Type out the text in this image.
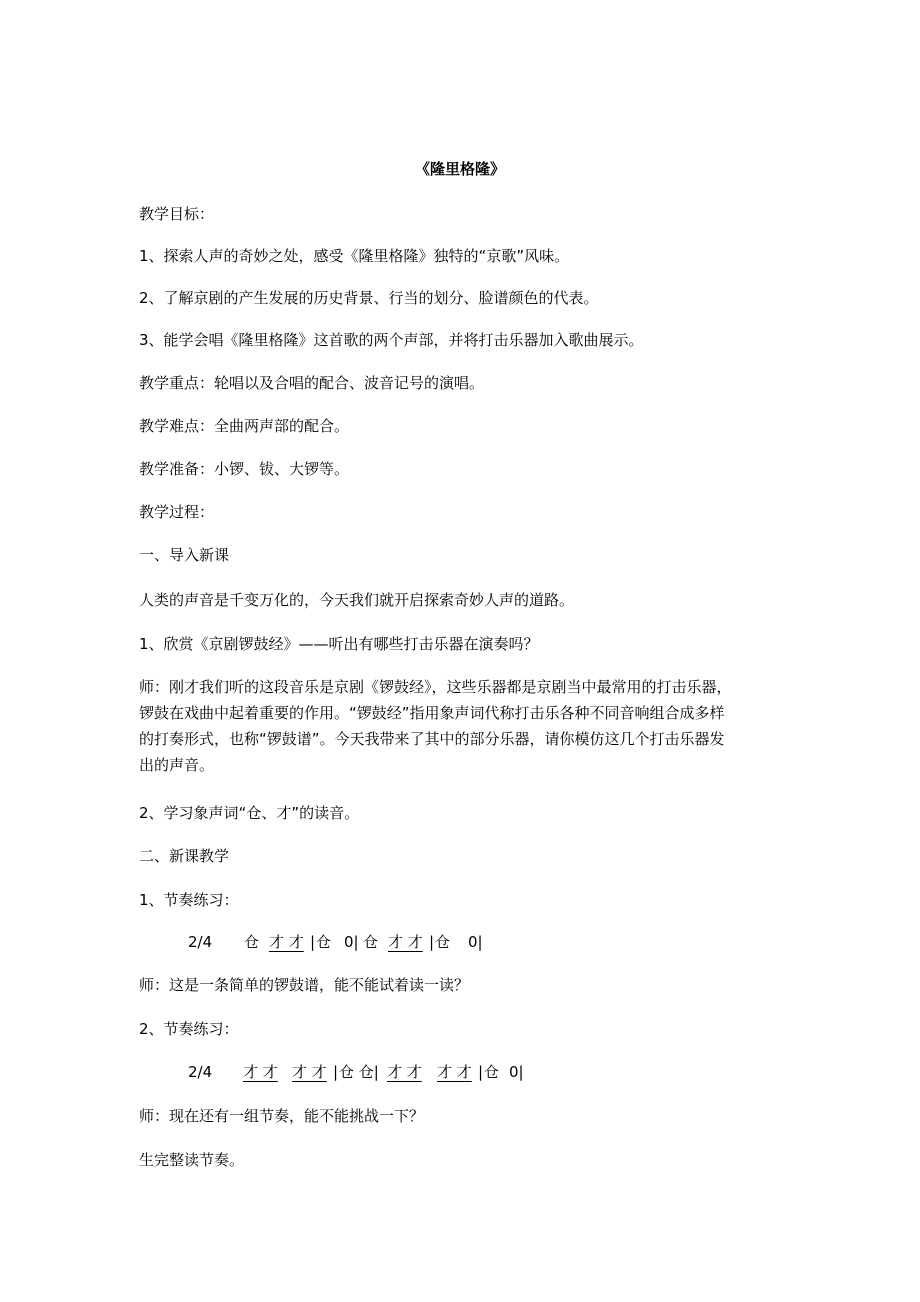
《隆里格隆》
教学目标：
1、探索人声的奇妙之处，感受《隆里格隆》独特的“京歌”风味。
2、了解京剧的产生发展的历史背景、行当的划分、脸谱颜色的代表。
3、能学会唱《隆里格隆》这首歌的两个声部，并将打击乐器加入歌曲展示。
教学重点：轮唱以及合唱的配合、波音记号的演唱。
教学难点：全曲两声部的配合。
教学准备：小锣、钹、大锣等。
教学过程：
一、导入新课
人类的声音是千变万化的，今天我们就开启探索奇妙人声的道路。
1、欣赏《京剧锣鼓经》——听出有哪些打击乐器在演奏吗？
师：刚才我们听的这段音乐是京剧《锣鼓经》，这些乐器都是京剧当中最常用的打击乐器，
锣鼓在戏曲中起着重要的作用。“锣鼓经”指用象声词代称打击乐各种不同音响组合成多样
的打奏形式，也称“锣鼓谱”。今天我带来了其中的部分乐器，请你模仿这几个打击乐器发
出的声音。
2、学习象声词“仓、才”的读音。
二、新课教学
1、节奏练习：
2/4 仓 才 才 | 仓 0| 仓 才 才 | 仓 0|
师：这是一条简单的锣鼓谱，能不能试着读一读？
2、节奏练习：
2/4 才 才 才 才 | 仓 仓| 才 才 才 才 | 仓 0|
师：现在还有一组节奏，能不能挑战一下？
生完整读节奏。
